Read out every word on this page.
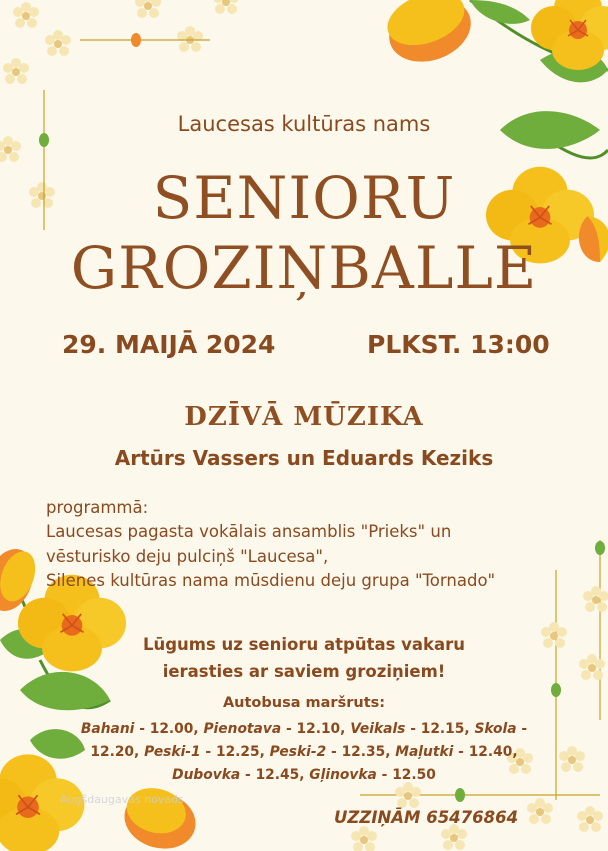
Laucesas kultūras nams
SENIORU
GROZIŅBALLE
29. MAIJĀ 2024	PLKST. 13:00
DZĪVĀ MŪZIKA
Artūrs Vassers un Eduards Keziks
programmā:
Laucesas pagasta vokālais ansamblis "Prieks" un
vēsturisko deju pulciņš "Laucesa",
Silenes kultūras nama mūsdienu deju grupa "Tornado"
Lūgums uz senioru atpūtas vakaru
ierasties ar saviem groziņiem!
Autobusa maršruts:
Bahani - 12.00, Pienotava - 12.10, Veikals - 12.15, Skola -
12.20, Peski-1 - 12.25, Peski-2 - 12.35, Maļutki - 12.40,
Dubovka - 12.45, Gļinovka - 12.50
Augšdaugavas novads
UZZIŅĀM 65476864
